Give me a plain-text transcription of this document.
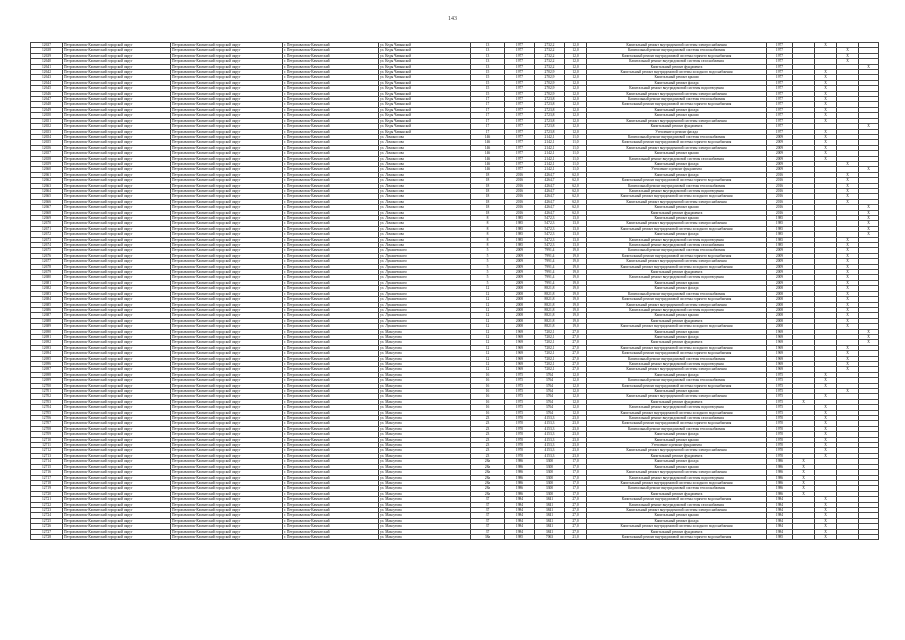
143
12637	Петропавловск-Камчатский городской округ	Петропавловск-Камчатский городской округ	г. Петропавловск-Камчатский	ул. Кеды Чавынской	13	1977	2732,2	12,0	Капитальный ремонт внутридомовой системы электроснабжения	1977		X		
12638	Петропавловск-Камчатский городской округ	Петропавловск-Камчатский городской округ	г. Петропавловск-Камчатский	ул. Кеды Чавынской	13	1977	2732,2	12,0	Капитальный ремонт внутридомовой системы теплоснабжения	1977			X	
12639	Петропавловск-Камчатский городской округ	Петропавловск-Камчатский городской округ	г. Петропавловск-Камчатский	ул. Кеды Чавынской	13	1977	2732,2	12,0	Капитальный ремонт внутридомовой системы горячего водоснабжения	1977			X	
12640	Петропавловск-Камчатский городской округ	Петропавловск-Камчатский городской округ	г. Петропавловск-Камчатский	ул. Кеды Чавынской	13	1977	2732,2	12,0	Капитальный ремонт внутридомовой системы газоснабжения	1977			X	
12641	Петропавловск-Камчатский городской округ	Петропавловск-Камчатский городской округ	г. Петропавловск-Камчатский	ул. Кеды Чавынской	13	1977	2732,2	12,0	Капитальный ремонт фундамента	1977				X
12642	Петропавловск-Камчатский городской округ	Петропавловск-Камчатский городской округ	г. Петропавловск-Камчатский	ул. Кеды Чавынской	15	1977	2702,9	12,0	Капитальный ремонт внутридомовой системы холодного водоснабжения	1977		X		
12643	Петропавловск-Камчатский городской округ	Петропавловск-Камчатский городской округ	г. Петропавловск-Камчатский	ул. Кеды Чавынской	15	1977	2702,9	12,0	Капитальный ремонт крыши	1977		X		
12644	Петропавловск-Камчатский городской округ	Петропавловск-Камчатский городской округ	г. Петропавловск-Камчатский	ул. Кеды Чавынской	15	1977	2702,9	12,0	Капитальный ремонт фасада	1977		X		
12645	Петропавловск-Камчатский городской округ	Петропавловск-Камчатский городской округ	г. Петропавловск-Камчатский	ул. Кеды Чавынской	15	1977	2702,9	12,0	Капитальный ремонт внутридомовой системы водоотведения	1977		X		
12646	Петропавловск-Камчатский городской округ	Петропавловск-Камчатский городской округ	г. Петропавловск-Камчатский	ул. Кеды Чавынской	15	1977	2702,9	12,0	Капитальный ремонт внутридомовой системы электроснабжения	1977		X		
12647	Петропавловск-Камчатский городской округ	Петропавловск-Камчатский городской округ	г. Петропавловск-Камчатский	ул. Кеды Чавынской	17	1977	2723,8	12,0	Капитальный ремонт внутридомовой системы теплоснабжения	1977		X		
12648	Петропавловск-Камчатский городской округ	Петропавловск-Камчатский городской округ	г. Петропавловск-Камчатский	ул. Кеды Чавынской	17	1977	2723,8	12,0	Капитальный ремонт внутридомовой системы горячего водоснабжения	1977		X		
12649	Петропавловск-Камчатский городской округ	Петропавловск-Камчатский городской округ	г. Петропавловск-Камчатский	ул. Кеды Чавынской	17	1977	2723,8	12,0	Капитальный ремонт фасада	1977		X		
12650	Петропавловск-Камчатский городской округ	Петропавловск-Камчатский городской округ	г. Петропавловск-Камчатский	ул. Кеды Чавынской	17	1977	2723,8	12,0	Капитальный ремонт крыши	1977		X		
12651	Петропавловск-Камчатский городской округ	Петропавловск-Камчатский городской округ	г. Петропавловск-Камчатский	ул. Кеды Чавынской	17	1977	2723,8	12,0	Капитальный ремонт внутридомовой системы электроснабжения	1977		X		
12652	Петропавловск-Камчатский городской округ	Петропавловск-Камчатский городской округ	г. Петропавловск-Камчатский	ул. Кеды Чавынской	17	1977	2723,8	12,0	Капитальный ремонт фундамента	1977				X
12653	Петропавловск-Камчатский городской округ	Петропавловск-Камчатский городской округ	г. Петропавловск-Камчатский	ул. Кеды Чавынской	17	1977	2723,8	12,0	Утепление и ремонт фасада	1977		X		
12654	Петропавловск-Камчатский городской округ	Петропавловск-Камчатский городской округ	г. Петропавловск-Камчатский	ул. Ломоносова	146	1977	2142,1	11,0	Капитальный ремонт внутридомовой системы теплоснабжения	2009		X		
12655	Петропавловск-Камчатский городской округ	Петропавловск-Камчатский городской округ	г. Петропавловск-Камчатский	ул. Ломоносова	146	1977	2142,1	11,0	Капитальный ремонт внутридомовой системы горячего водоснабжения	2009		X		
12656	Петропавловск-Камчатский городской округ	Петропавловск-Камчатский городской округ	г. Петропавловск-Камчатский	ул. Ломоносова	146	1977	2142,1	11,0	Капитальный ремонт внутридомовой системы электроснабжения	2009		X		
12657	Петропавловск-Камчатский городской округ	Петропавловск-Камчатский городской округ	г. Петропавловск-Камчатский	ул. Ломоносова	146	1977	2142,1	11,0	Капитальный ремонт крыши	2009		X		
12658	Петропавловск-Камчатский городской округ	Петропавловск-Камчатский городской округ	г. Петропавловск-Камчатский	ул. Ломоносова	146	1977	2142,1	11,0	Капитальный ремонт внутридомовой системы газоснабжения	2009		X		
12659	Петропавловск-Камчатский городской округ	Петропавловск-Камчатский городской округ	г. Петропавловск-Камчатский	ул. Ломоносова	146	1977	2142,1	11,0	Капитальный ремонт фасада	2009			X	
12660	Петропавловск-Камчатский городской округ	Петропавловск-Камчатский городской округ	г. Петропавловск-Камчатский	ул. Ломоносова	146	1977	2142,1	11,0	Утепление и ремонт фундамента	2009				X
12661	Петропавловск-Камчатский городской округ	Петропавловск-Камчатский городской округ	г. Петропавловск-Камчатский	ул. Ломоносова	18	2016	4264,7	62,0	Капитальный ремонт фасада	2016			X	
12662	Петропавловск-Камчатский городской округ	Петропавловск-Камчатский городской округ	г. Петропавловск-Камчатский	ул. Ломоносова	18	2016	4264,7	62,0	Капитальный ремонт внутридомовой системы горячего водоснабжения	2016			X	
12663	Петропавловск-Камчатский городской округ	Петропавловск-Камчатский городской округ	г. Петропавловск-Камчатский	ул. Ломоносова	18	2016	4264,7	62,0	Капитальный ремонт внутридомовой системы теплоснабжения	2016			X	
12664	Петропавловск-Камчатский городской округ	Петропавловск-Камчатский городской округ	г. Петропавловск-Камчатский	ул. Ломоносова	18	2016	4264,7	62,0	Капитальный ремонт внутридомовой системы водоотведения	2016			X	
12665	Петропавловск-Камчатский городской округ	Петропавловск-Камчатский городской округ	г. Петропавловск-Камчатский	ул. Ломоносова	18	2016	4264,7	62,0	Капитальный ремонт внутридомовой системы холодного водоснабжения	2016			X	
12666	Петропавловск-Камчатский городской округ	Петропавловск-Камчатский городской округ	г. Петропавловск-Камчатский	ул. Ломоносова	18	2016	4264,7	62,0	Капитальный ремонт внутридомовой системы электроснабжения	2016			X	
12667	Петропавловск-Камчатский городской округ	Петропавловск-Камчатский городской округ	г. Петропавловск-Камчатский	ул. Ломоносова	18	2016	4264,7	62,0	Капитальный ремонт крыши	2016				X
12668	Петропавловск-Камчатский городской округ	Петропавловск-Камчатский городской округ	г. Петропавловск-Камчатский	ул. Ломоносова	18	2016	4264,7	62,0	Капитальный ремонт фундамента	2016				X
12669	Петропавловск-Камчатский городской округ	Петропавловск-Камчатский городской округ	г. Петропавловск-Камчатский	ул. Ломоносова	8	1985	5472,3	13,0	Капитальный ремонт крыши	1985				X
12670	Петропавловск-Камчатский городской округ	Петропавловск-Камчатский городской округ	г. Петропавловск-Камчатский	ул. Ломоносова	8	1985	5472,3	13,0	Капитальный ремонт внутридомовой системы электроснабжения	1985				X
12671	Петропавловск-Камчатский городской округ	Петропавловск-Камчатский городской округ	г. Петропавловск-Камчатский	ул. Ломоносова	8	1985	5472,3	13,0	Капитальный ремонт внутридомовой системы холодного водоснабжения	1985				X
12672	Петропавловск-Камчатский городской округ	Петропавловск-Камчатский городской округ	г. Петропавловск-Камчатский	ул. Ломоносова	8	1985	5472,3	13,0	Капитальный ремонт фасада	1985				X
12673	Петропавловск-Камчатский городской округ	Петропавловск-Камчатский городской округ	г. Петропавловск-Камчатский	ул. Ломоносова	8	1985	5472,3	13,0	Капитальный ремонт внутридомовой системы водоотведения	1985			X	
12674	Петропавловск-Камчатский городской округ	Петропавловск-Камчатский городской округ	г. Петропавловск-Камчатский	ул. Ломоносова	8	1985	5472,3	13,0	Капитальный ремонт внутридомовой системы газоснабжения	1985			X	
12675	Петропавловск-Камчатский городской округ	Петропавловск-Камчатский городской округ	г. Петропавловск-Камчатский	ул. Лукашевского	5	2009	7991,4	19,0	Капитальный ремонт внутридомовой системы теплоснабжения	2009			X	
12676	Петропавловск-Камчатский городской округ	Петропавловск-Камчатский городской округ	г. Петропавловск-Камчатский	ул. Лукашевского	5	2009	7991,4	19,0	Капитальный ремонт внутридомовой системы горячего водоснабжения	2009			X	
12677	Петропавловск-Камчатский городской округ	Петропавловск-Камчатский городской округ	г. Петропавловск-Камчатский	ул. Лукашевского	5	2009	7991,4	19,0	Капитальный ремонт внутридомовой системы электроснабжения	2009			X	
12678	Петропавловск-Камчатский городской округ	Петропавловск-Камчатский городской округ	г. Петропавловск-Камчатский	ул. Лукашевского	5	2009	7991,4	19,0	Капитальный ремонт внутридомовой системы холодного водоснабжения	2009			X	
12679	Петропавловск-Камчатский городской округ	Петропавловск-Камчатский городской округ	г. Петропавловск-Камчатский	ул. Лукашевского	5	2009	7991,4	19,0	Капитальный ремонт фундамента	2009			X	
12680	Петропавловск-Камчатский городской округ	Петропавловск-Камчатский городской округ	г. Петропавловск-Камчатский	ул. Лукашевского	5	2009	7991,4	19,0	Капитальный ремонт внутридомовой системы водоотведения	2009			X	
12681	Петропавловск-Камчатский городской округ	Петропавловск-Камчатский городской округ	г. Петропавловск-Камчатский	ул. Лукашевского	5	2009	7991,4	19,0	Капитальный ремонт крыши	2009			X	
12682	Петропавловск-Камчатский городской округ	Петропавловск-Камчатский городской округ	г. Петропавловск-Камчатский	ул. Лукашевского	12	2008	8821,8	19,0	Капитальный ремонт фасада	2008			X	
12683	Петропавловск-Камчатский городской округ	Петропавловск-Камчатский городской округ	г. Петропавловск-Камчатский	ул. Лукашевского	12	2008	8821,8	19,0	Капитальный ремонт внутридомовой системы теплоснабжения	2008			X	
12684	Петропавловск-Камчатский городской округ	Петропавловск-Камчатский городской округ	г. Петропавловск-Камчатский	ул. Лукашевского	12	2008	8821,8	19,0	Капитальный ремонт внутридомовой системы горячего водоснабжения	2008			X	
12685	Петропавловск-Камчатский городской округ	Петропавловск-Камчатский городской округ	г. Петропавловск-Камчатский	ул. Лукашевского	12	2008	8821,8	19,0	Капитальный ремонт внутридомовой системы электроснабжения	2008			X	
12686	Петропавловск-Камчатский городской округ	Петропавловск-Камчатский городской округ	г. Петропавловск-Камчатский	ул. Лукашевского	12	2008	8821,8	19,0	Капитальный ремонт внутридомовой системы водоотведения	2008			X	
12687	Петропавловск-Камчатский городской округ	Петропавловск-Камчатский городской округ	г. Петропавловск-Камчатский	ул. Лукашевского	12	2008	8821,8	19,0	Капитальный ремонт крыши	2008			X	
12688	Петропавловск-Камчатский городской округ	Петропавловск-Камчатский городской округ	г. Петропавловск-Камчатский	ул. Лукашевского	12	2008	8821,8	19,0	Капитальный ремонт фундамента	2008			X	
12689	Петропавловск-Камчатский городской округ	Петропавловск-Камчатский городской округ	г. Петропавловск-Камчатский	ул. Лукашевского	12	2008	8821,8	19,0	Капитальный ремонт внутридомовой системы холодного водоснабжения	2008			X	
12690	Петропавловск-Камчатский городской округ	Петропавловск-Камчатский городской округ	г. Петропавловск-Камчатский	ул. Максутова	12	1969	7202,1	27,0	Капитальный ремонт крыши	1969				X
12691	Петропавловск-Камчатский городской округ	Петропавловск-Камчатский городской округ	г. Петропавловск-Камчатский	ул. Максутова	12	1969	7202,1	27,0	Капитальный ремонт фасада	1969				X
12692	Петропавловск-Камчатский городской округ	Петропавловск-Камчатский городской округ	г. Петропавловск-Камчатский	ул. Максутова	12	1969	7202,1	27,0	Капитальный ремонт фундамента	1969				X
12693	Петропавловск-Камчатский городской округ	Петропавловск-Камчатский городской округ	г. Петропавловск-Камчатский	ул. Максутова	12	1969	7202,1	27,0	Капитальный ремонт внутридомовой системы холодного водоснабжения	1969			X	
12694	Петропавловск-Камчатский городской округ	Петропавловск-Камчатский городской округ	г. Петропавловск-Камчатский	ул. Максутова	12	1969	7202,1	27,0	Капитальный ремонт внутридомовой системы горячего водоснабжения	1969			X	
12695	Петропавловск-Камчатский городской округ	Петропавловск-Камчатский городской округ	г. Петропавловск-Камчатский	ул. Максутова	12	1969	7202,1	27,0	Капитальный ремонт внутридомовой системы теплоснабжения	1969			X	
12696	Петропавловск-Камчатский городской округ	Петропавловск-Камчатский городской округ	г. Петропавловск-Камчатский	ул. Максутова	12	1969	7202,1	27,0	Капитальный ремонт внутридомовой системы водоотведения	1969			X	
12697	Петропавловск-Камчатский городской округ	Петропавловск-Камчатский городской округ	г. Петропавловск-Камчатский	ул. Максутова	12	1969	7202,1	27,0	Капитальный ремонт внутридомовой системы электроснабжения	1969			X	
12698	Петропавловск-Камчатский городской округ	Петропавловск-Камчатский городской округ	г. Петропавловск-Камчатский	ул. Максутова	16	1975	3764	12,0	Капитальный ремонт фасада	1975		X		
12699	Петропавловск-Камчатский городской округ	Петропавловск-Камчатский городской округ	г. Петропавловск-Камчатский	ул. Максутова	16	1975	3764	12,0	Капитальный ремонт внутридомовой системы теплоснабжения	1975		X		
12700	Петропавловск-Камчатский городской округ	Петропавловск-Камчатский городской округ	г. Петропавловск-Камчатский	ул. Максутова	16	1975	3764	12,0	Капитальный ремонт внутридомовой системы горячего водоснабжения	1975		X		
12701	Петропавловск-Камчатский городской округ	Петропавловск-Камчатский городской округ	г. Петропавловск-Камчатский	ул. Максутова	16	1975	3764	12,0	Капитальный ремонт крыши	1975			X	
12702	Петропавловск-Камчатский городской округ	Петропавловск-Камчатский городской округ	г. Петропавловск-Камчатский	ул. Максутова	16	1975	3764	12,0	Капитальный ремонт внутридомовой системы электроснабжения	1975		X		
12703	Петропавловск-Камчатский городской округ	Петропавловск-Камчатский городской округ	г. Петропавловск-Камчатский	ул. Максутова	16	1975	3764	12,0	Капитальный ремонт фундамента	1975	X			
12704	Петропавловск-Камчатский городской округ	Петропавловск-Камчатский городской округ	г. Петропавловск-Камчатский	ул. Максутова	16	1975	3764	12,0	Капитальный ремонт внутридомовой системы водоотведения	1975		X		
12705	Петропавловск-Камчатский городской округ	Петропавловск-Камчатский городской округ	г. Петропавловск-Камчатский	ул. Максутова	16	1975	3764	12,0	Капитальный ремонт внутридомовой системы холодного водоснабжения	1975		X		
12706	Петропавловск-Камчатский городской округ	Петропавловск-Камчатский городской округ	г. Петропавловск-Камчатский	ул. Максутова	23	1970	4153,3	23,0	Капитальный ремонт внутридомовой системы газоснабжения	1970		X		
12707	Петропавловск-Камчатский городской округ	Петропавловск-Камчатский городской округ	г. Петропавловск-Камчатский	ул. Максутова	23	1970	4153,3	23,0	Капитальный ремонт внутридомовой системы горячего водоснабжения	1970		X		
12708	Петропавловск-Камчатский городской округ	Петропавловск-Камчатский городской округ	г. Петропавловск-Камчатский	ул. Максутова	23	1970	4153,3	23,0	Капитальный ремонт внутридомовой системы теплоснабжения	1970		X		
12709	Петропавловск-Камчатский городской округ	Петропавловск-Камчатский городской округ	г. Петропавловск-Камчатский	ул. Максутова	23	1970	4153,3	23,0	Капитальный ремонт фасада	1970		X		
12710	Петропавловск-Камчатский городской округ	Петропавловск-Камчатский городской округ	г. Петропавловск-Камчатский	ул. Максутова	23	1970	4153,3	23,0	Капитальный ремонт крыши	1970		X		
12711	Петропавловск-Камчатский городской округ	Петропавловск-Камчатский городской округ	г. Петропавловск-Камчатский	ул. Максутова	23	1970	4153,3	23,0	Утепление и ремонт фундамента	1970		X		
12712	Петропавловск-Камчатский городской округ	Петропавловск-Камчатский городской округ	г. Петропавловск-Камчатский	ул. Максутова	23	1970	4153,3	23,0	Капитальный ремонт внутридомовой системы электроснабжения	1970		X		
12713	Петропавловск-Камчатский городской округ	Петропавловск-Камчатский городской округ	г. Петропавловск-Камчатский	ул. Максутова	23	1970	4153,3	23,0	Капитальный ремонт фундамента	1970		X		
12714	Петропавловск-Камчатский городской округ	Петропавловск-Камчатский городской округ	г. Петропавловск-Камчатский	ул. Максутова	28а	1986	3300	17,0	Капитальный ремонт фасада	1986	X			
12715	Петропавловск-Камчатский городской округ	Петропавловск-Камчатский городской округ	г. Петропавловск-Камчатский	ул. Максутова	28а	1986	3300	17,0	Капитальный ремонт крыши	1986	X			
12716	Петропавловск-Камчатский городской округ	Петропавловск-Камчатский городской округ	г. Петропавловск-Камчатский	ул. Максутова	28а	1986	3300	17,0	Капитальный ремонт внутридомовой системы электроснабжения	1986	X			
12717	Петропавловск-Камчатский городской округ	Петропавловск-Камчатский городской округ	г. Петропавловск-Камчатский	ул. Максутова	28а	1986	3300	17,0	Капитальный ремонт внутридомовой системы водоотведения	1986	X			
12718	Петропавловск-Камчатский городской округ	Петропавловск-Камчатский городской округ	г. Петропавловск-Камчатский	ул. Максутова	28а	1986	3300	17,0	Капитальный ремонт внутридомовой системы холодного водоснабжения	1986	X			
12719	Петропавловск-Камчатский городской округ	Петропавловск-Камчатский городской округ	г. Петропавловск-Камчатский	ул. Максутова	28а	1986	3300	17,0	Капитальный ремонт внутридомовой системы теплоснабжения	1986	X			
12720	Петропавловск-Камчатский городской округ	Петропавловск-Камчатский городской округ	г. Петропавловск-Камчатский	ул. Максутова	28а	1986	3300	17,0	Капитальный ремонт фундамента	1986	X			
12721	Петропавловск-Камчатский городской округ	Петропавловск-Камчатский городской округ	г. Петропавловск-Камчатский	ул. Максутова	37	1984	3841	27,0	Капитальный ремонт внутридомовой системы горячего водоснабжения	1984		X		
12722	Петропавловск-Камчатский городской округ	Петропавловск-Камчатский городской округ	г. Петропавловск-Камчатский	ул. Максутова	37	1984	3841	27,0	Капитальный ремонт внутридомовой системы газоснабжения	1984		X		
12723	Петропавловск-Камчатский городской округ	Петропавловск-Камчатский городской округ	г. Петропавловск-Камчатский	ул. Максутова	37	1984	3841	27,0	Капитальный ремонт внутридомовой системы электроснабжения	1984		X		
12724	Петропавловск-Камчатский городской округ	Петропавловск-Камчатский городской округ	г. Петропавловск-Камчатский	ул. Максутова	37	1984	3841	27,0	Капитальный ремонт крыши	1984		X		
12725	Петропавловск-Камчатский городской округ	Петропавловск-Камчатский городской округ	г. Петропавловск-Камчатский	ул. Максутова	37	1984	3841	27,0	Капитальный ремонт фасада	1984		X		
12726	Петропавловск-Камчатский городской округ	Петропавловск-Камчатский городской округ	г. Петропавловск-Камчатский	ул. Максутова	37	1984	3841	27,0	Капитальный ремонт внутридомовой системы холодного водоснабжения	1984		X		
12727	Петропавловск-Камчатский городской округ	Петропавловск-Камчатский городской округ	г. Петропавловск-Камчатский	ул. Максутова	37	1984	3841	27,0	Капитальный ремонт фундамента	1984		X		
12728	Петропавловск-Камчатский городской округ	Петропавловск-Камчатский городской округ	г. Петропавловск-Камчатский	ул. Максутова	38а	1985	7063	21,0	Капитальный ремонт внутридомовой системы горячего водоснабжения	1985		X		
